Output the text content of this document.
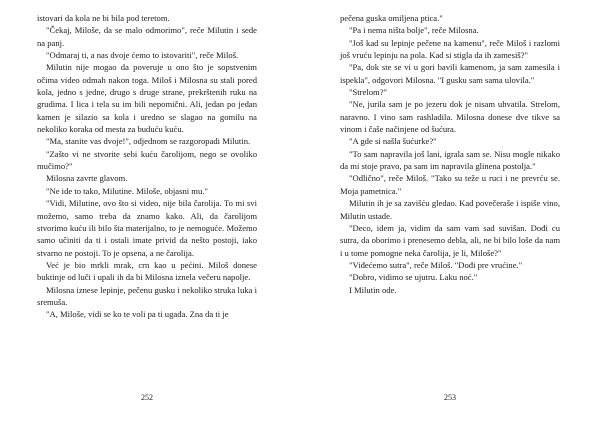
istovari da kola ne bi bila pod teretom.

"Čekaj, Miloše, da se malo odmorimo", reče Milutin i sede na panj.

"Odmaraj ti, a nas dvoje ćemo to istovariti", reče Miloš.

Milutin nije mogao da poveruje u ono što je sopstvenim očima video odmah nakon toga. Miloš i Milosna su stali pored kola, jedno s jedne, drugo s druge strane, prekrštenih ruku na grudima. I lica i tela su im bili nepomični. Ali, jedan po jedan kamen je silazio sa kola i uredno se slagao na gomilu na nekoliko koraka od mesta za buduću kuću.

"Ma, stanite vas dvoje!", odjednom se razgoropadi Milutin.

"Zašto vi ne stvorite sebi kuću čarolijom, nego se ovoliko mučimo?"

Milosna zavrte glavom.

"Ne ide to tako, Milutine. Miloše, objasni mu."

"Vidi, Milutine, ovo što si video, nije bila čarolija. To mi svi možemo, samo treba da znamo kako. Ali, da čarolijom stvorimo kuću ili bilo šta materijalno, to je nemoguće. Možemo samo učiniti da ti i ostali imate privid da nešto postoji, iako stvarno ne postoji. To je opsena, a ne čarolija.

Već je bio mrkli mrak, crn kao u pećini. Miloš donese buktinje od luči i upali ih da bi Milosna iznela večeru napolje.

Milosna iznese lepinje, pečenu gusku i nekoliko struka luka i sremuša.

"A, Miloše, vidi se ko te voli pa ti ugađa. Zna da ti je

pečena guska omiljena ptica."

"Pa i nema ništa bolje", reče Milosna.

"Još kad su lepinje pečene na kamenu", reče Miloš i razlomi još vruću lepinju na pola. Kad si stigla da ih zamesiš?"

"Pa, dok ste se vi u gori bavili kamenom, ja sam zamesila i ispekla", odgovori Milosna. "I gusku sam sama ulovila."

"Strelom?"

"Ne, jurila sam je po jezeru dok je nisam uhvatila. Strelom, naravno. I vino sam rashladila. Milosna donese dve tikve sa vinom i čaše načinjene od šućura.

"A gde si našla šućurke?"

"To sam napravila još lani, igrala sam se. Nisu mogle nikako da mi stoje pravo, pa sam im napravila glinena postolja."

"Odlično", reče Miloš. "Tako su teže u ruci i ne prevrću se. Moja pametnica."

Milutin ih je sa zavišću gledao. Kad povečerаše i ispiše vino, Milutin ustade.

"Deco, idem ja, vidim da sam vam sad suvišan. Dođi cu sutra, da oborimo i prenesemo debla, ali, ne bi bilo loše da nam i u tome pomogne neka čarolija, je li, Miloše?"

"Viđećemo sutra", reče Miloš. "Dođi pre vrućine."

"Dobro, vidimo se ujutru. Laku noć."

I Milutin ode.

252	253
